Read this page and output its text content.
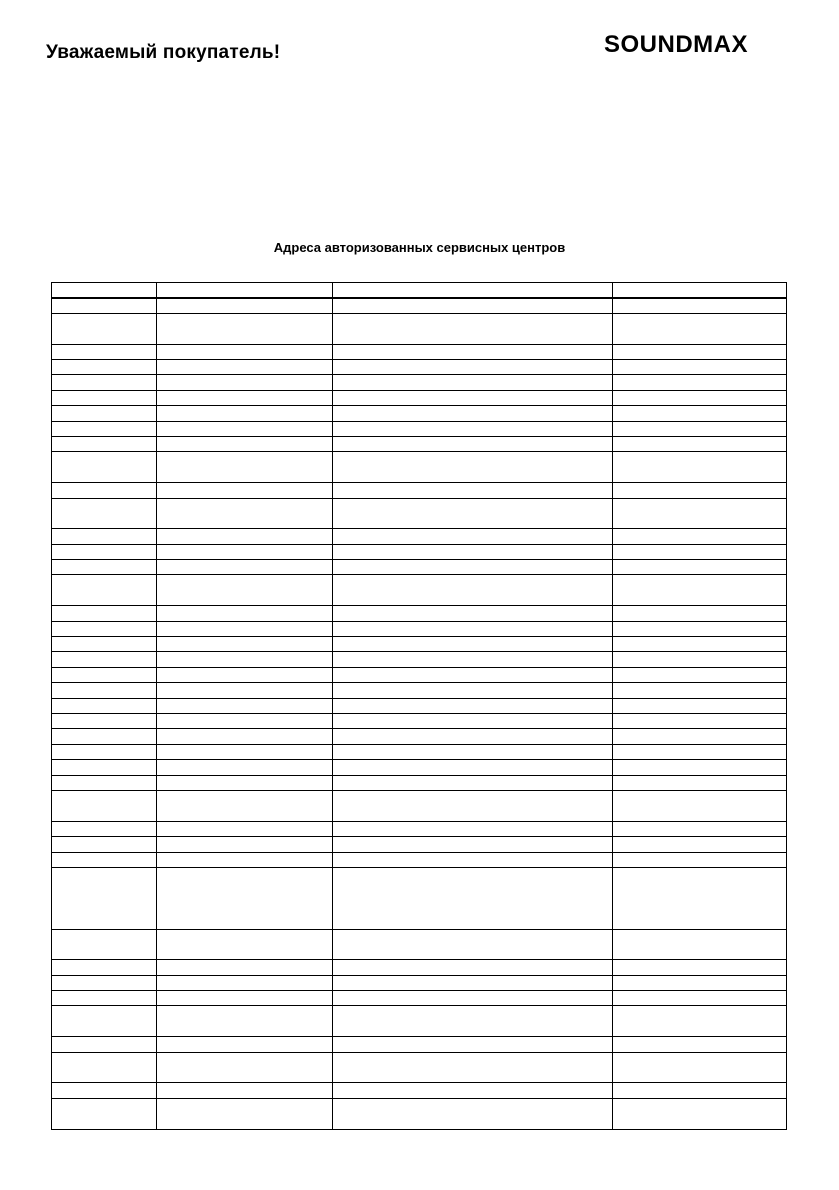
Уважаемый покупатель!	SOUNDMAX
Адреса авторизованных сервисных центров
